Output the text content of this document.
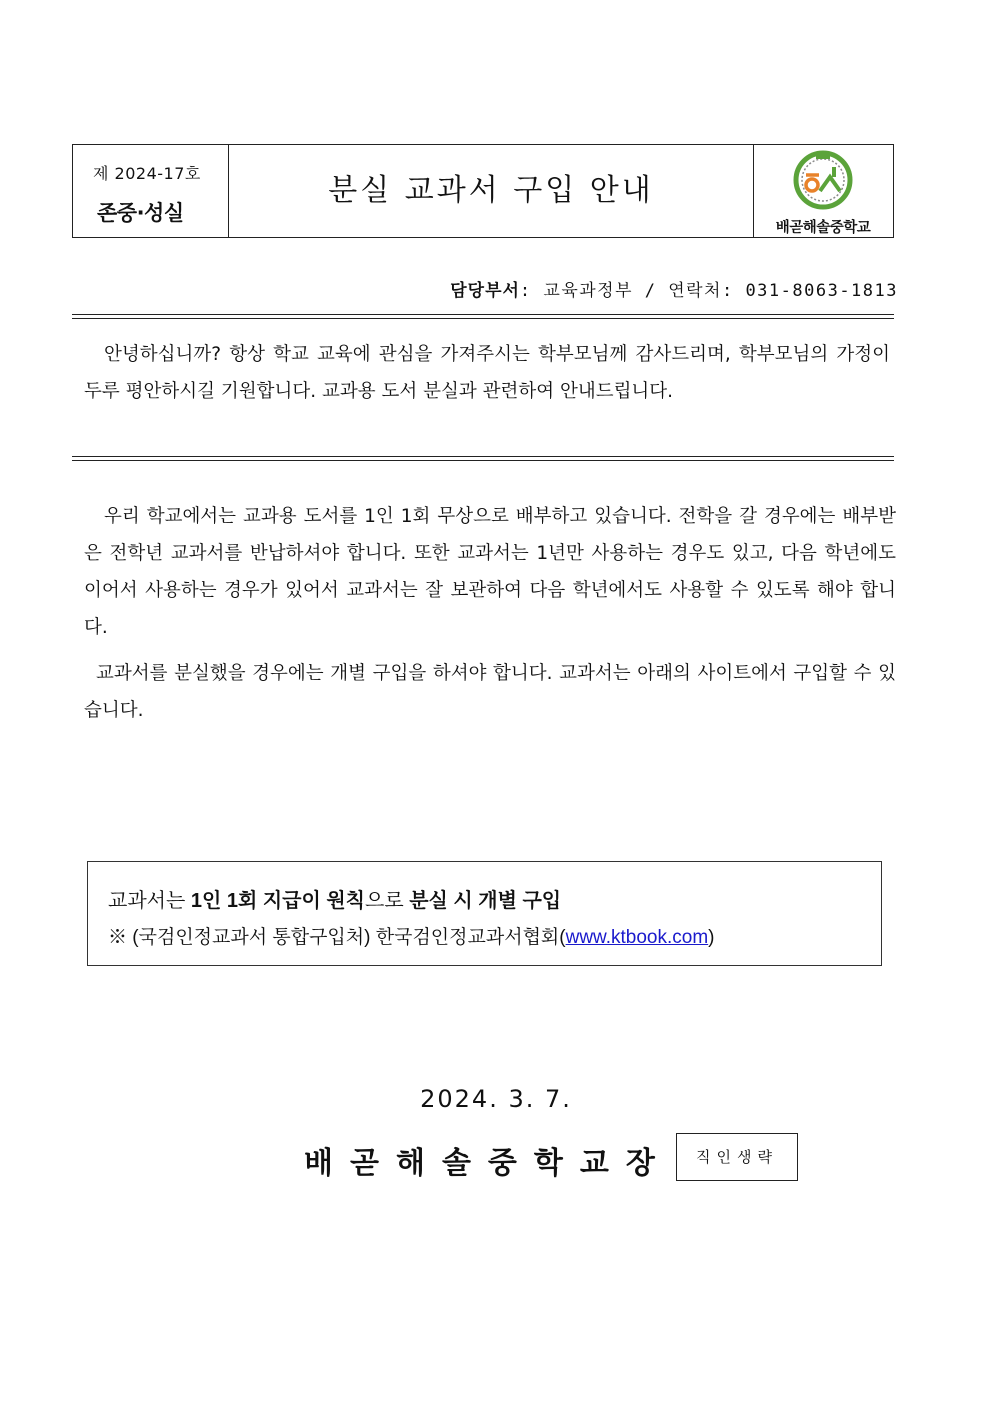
제 2024-17호
존중·성실
분실 교과서 구입 안내
배곧해솔중학교
담당부서: 교육과정부 / 연락처: 031-8063-1813

안녕하십니까? 항상 학교 교육에 관심을 가져주시는 학부모님께 감사드리며, 학부모님의 가정이 두루 평안하시길 기원합니다. 교과용 도서 분실과 관련하여 안내드립니다.

우리 학교에서는 교과용 도서를 1인 1회 무상으로 배부하고 있습니다. 전학을 갈 경우에는 배부받은 전학년 교과서를 반납하셔야 합니다. 또한 교과서는 1년만 사용하는 경우도 있고, 다음 학년에도 이어서 사용하는 경우가 있어서 교과서는 잘 보관하여 다음 학년에서도 사용할 수 있도록 해야 합니다.

교과서를 분실했을 경우에는 개별 구입을 하셔야 합니다. 교과서는 아래의 사이트에서 구입할 수 있습니다.

교과서는 1인 1회 지급이 원칙으로 분실 시 개별 구입
※ (국검인정교과서 통합구입처) 한국검인정교과서협회(www.ktbook.com)
2024. 3. 7.
배곧해솔중학교장	직인생략
